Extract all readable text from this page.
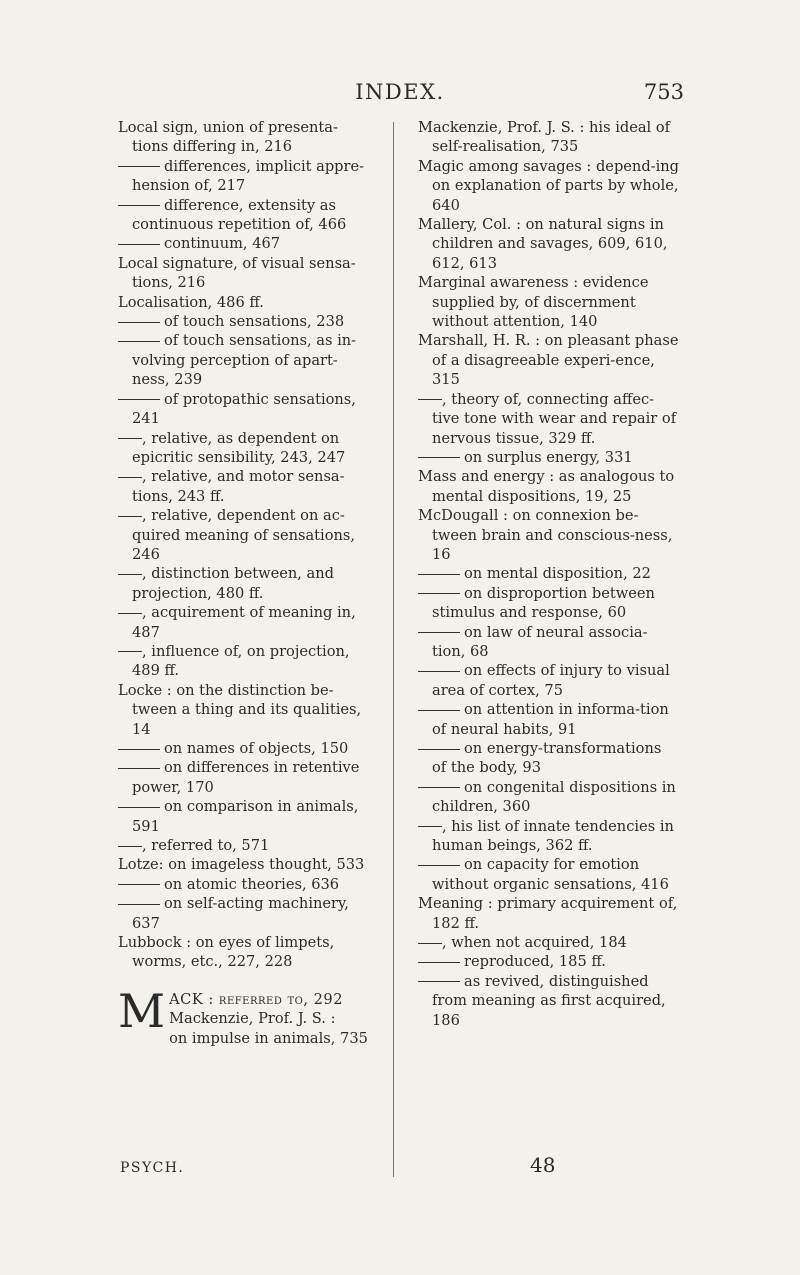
INDEX.	753
Local sign, union of presenta-tions differing in, 216
differences, implicit appre-hension of, 217
difference, extensity as continuous repetition of, 466
continuum, 467
Local signature, of visual sensa-tions, 216
Localisation, 486 ff.
of touch sensations, 238
of touch sensations, as in-volving perception of apart-ness, 239
of protopathic sensations, 241
, relative, as dependent on epicritic sensibility, 243, 247
, relative, and motor sensa-tions, 243 ff.
, relative, dependent on ac-quired meaning of sensations, 246
, distinction between, and projection, 480 ff.
, acquirement of meaning in, 487
, influence of, on projection, 489 ff.
Locke : on the distinction be-tween a thing and its qualities, 14
on names of objects, 150
on differences in retentive power, 170
on comparison in animals, 591
, referred to, 571
Lotze: on imageless thought, 533
on atomic theories, 636
on self-acting machinery, 637
Lubbock : on eyes of limpets, worms, etc., 227, 228
M ACK : referred to, 292
Mackenzie, Prof. J. S. :
on impulse in animals, 735
Mackenzie, Prof. J. S. : his ideal of self-realisation, 735
Magic among savages : depend-ing on explanation of parts by whole, 640
Mallery, Col. : on natural signs in children and savages, 609, 610, 612, 613
Marginal awareness : evidence supplied by, of discernment without attention, 140
Marshall, H. R. : on pleasant phase of a disagreeable experi-ence, 315
, theory of, connecting affec-tive tone with wear and repair of nervous tissue, 329 ff.
on surplus energy, 331
Mass and energy : as analogous to mental dispositions, 19, 25
McDougall : on connexion be-tween brain and conscious-ness, 16
on mental disposition, 22
on disproportion between stimulus and response, 60
on law of neural associa-tion, 68
on effects of injury to visual area of cortex, 75
on attention in informa-tion of neural habits, 91
on energy-transformations of the body, 93
on congenital dispositions in children, 360
, his list of innate tendencies in human beings, 362 ff.
on capacity for emotion without organic sensations, 416
Meaning : primary acquirement of, 182 ff.
, when not acquired, 184
reproduced, 185 ff.
as revived, distinguished from meaning as first acquired, 186
PSYCH.	48
